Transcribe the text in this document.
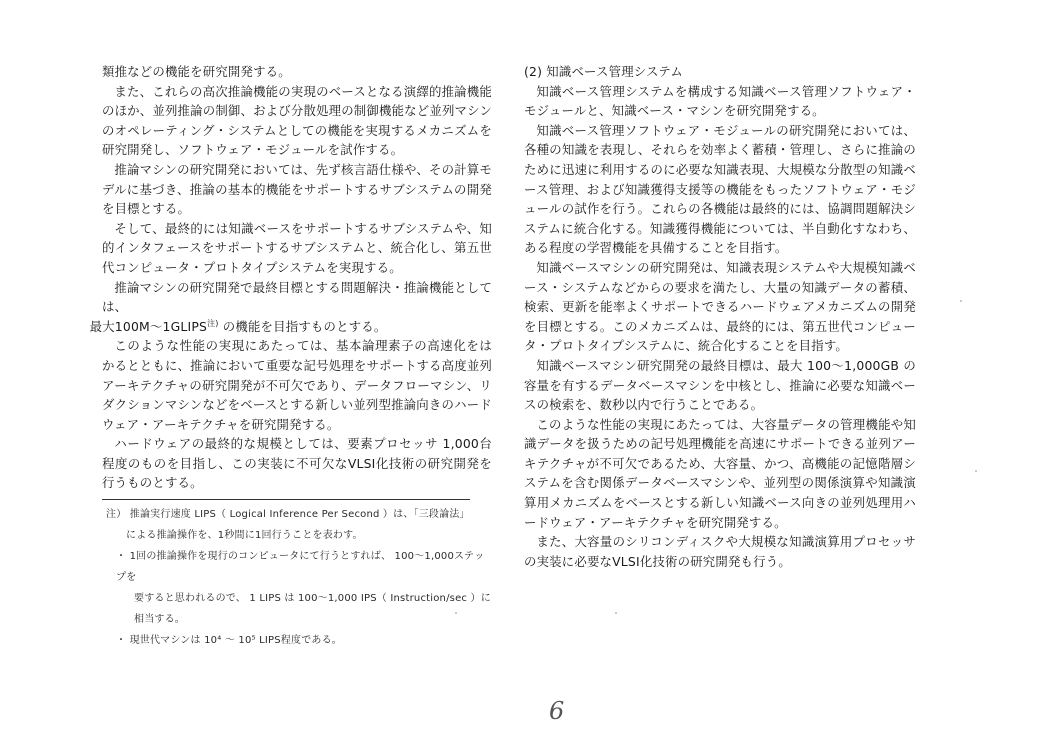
類推などの機能を研究開発する。

また、これらの高次推論機能の実現のベースとなる演繹的推論機能のほか、並列推論の制御、および分散処理の制御機能など並列マシンのオペレーティング・システムとしての機能を実現するメカニズムを研究開発し、ソフトウェア・モジュールを試作する。

推論マシンの研究開発においては、先ず核言語仕様や、その計算モデルに基づき、推論の基本的機能をサポートするサブシステムの開発を目標とする。

そして、最終的には知識ベースをサポートするサブシステムや、知的インタフェースをサポートするサブシステムと、統合化し、第五世代コンピュータ・プロトタイプシステムを実現する。

推論マシンの研究開発で最終目標とする問題解決・推論機能としては、
最大$100M\sim 1GLIPS^{注)}$ の機能を目指すものとする。

このような性能の実現にあたっては、基本論理素子の高速化をはかるとともに、推論において重要な記号処理をサポートする高度並列アーキテクチャの研究開発が不可欠であり、データフローマシン、リダクションマシンなどをベースとする新しい並列型推論向きのハードウェア・アーキテクチャを研究開発する。

ハードウェアの最終的な規模としては、要素プロセッサ 1,000台程度のものを目指し、この実装に不可欠なVLSI化技術の研究開発を行うものとする。

注） 推論実行速度 LIPS（ Logical Inference Per Second ）は、「三段論法」
による推論操作を、1秒間に1回行うことを表わす。
・ 1回の推論操作を現行のコンピュータにて行うとすれば、 100～1,000ステップを
要すると思われるので、 1 LIPS は 100～1,000 IPS（ Instruction/sec ）に
相当する。
・ 現世代マシンは 10⁴ ～ 10⁵ LIPS程度である。

(2) 知識ベース管理システム

知識ベース管理システムを構成する知識ベース管理ソフトウェア・モジュールと、知識ベース・マシンを研究開発する。

知識ベース管理ソフトウェア・モジュールの研究開発においては、各種の知識を表現し、それらを効率よく蓄積・管理し、さらに推論のために迅速に利用するのに必要な知識表現、大規模な分散型の知識ベース管理、および知識獲得支援等の機能をもったソフトウェア・モジュールの試作を行う。これらの各機能は最終的には、協調問題解決システムに統合化する。知識獲得機能については、半自動化すなわち、ある程度の学習機能を具備することを目指す。

知識ベースマシンの研究開発は、知識表現システムや大規模知識ベース・システムなどからの要求を満たし、大量の知識データの蓄積、検索、更新を能率よくサポートできるハードウェアメカニズムの開発を目標とする。このメカニズムは、最終的には、第五世代コンピュータ・プロトタイプシステムに、統合化することを目指す。

知識ベースマシン研究開発の最終目標は、最大 100～1,000GB の容量を有するデータベースマシンを中核とし、推論に必要な知識ベースの検索を、数秒以内で行うことである。

このような性能の実現にあたっては、大容量データの管理機能や知識データを扱うための記号処理機能を高速にサポートできる並列アーキテクチャが不可欠であるため、大容量、かつ、高機能の記憶階層システムを含む関係データベースマシンや、並列型の関係演算や知識演算用メカニズムをベースとする新しい知識ベース向きの並列処理用ハードウェア・アーキテクチャを研究開発する。

また、大容量のシリコンディスクや大規模な知識演算用プロセッサの実装に必要なVLSI化技術の研究開発も行う。

6
